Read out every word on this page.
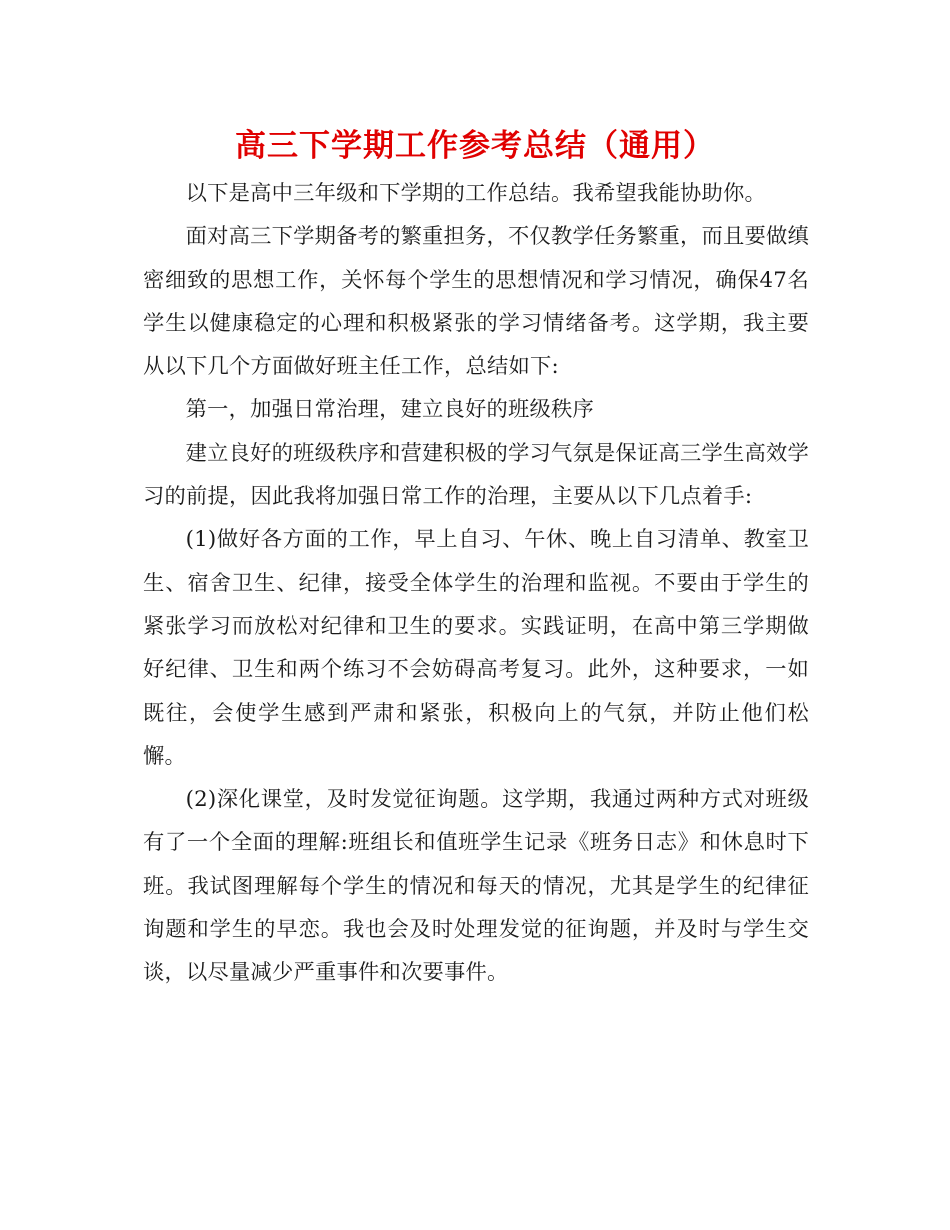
高三下学期工作参考总结（通用）

以下是高中三年级和下学期的工作总结。我希望我能协助你。

面对高三下学期备考的繁重担务，不仅教学任务繁重，而且要做缜密细致的思想工作，关怀每个学生的思想情况和学习情况，确保47名学生以健康稳定的心理和积极紧张的学习情绪备考。这学期，我主要从以下几个方面做好班主任工作，总结如下:

第一，加强日常治理，建立良好的班级秩序

建立良好的班级秩序和营建积极的学习气氛是保证高三学生高效学习的前提，因此我将加强日常工作的治理，主要从以下几点着手:

(1)做好各方面的工作，早上自习、午休、晚上自习清单、教室卫生、宿舍卫生、纪律，接受全体学生的治理和监视。不要由于学生的紧张学习而放松对纪律和卫生的要求。实践证明，在高中第三学期做好纪律、卫生和两个练习不会妨碍高考复习。此外，这种要求，一如既往，会使学生感到严肃和紧张，积极向上的气氛，并防止他们松懈。

(2)深化课堂，及时发觉征询题。这学期，我通过两种方式对班级有了一个全面的理解:班组长和值班学生记录《班务日志》和休息时下班。我试图理解每个学生的情况和每天的情况，尤其是学生的纪律征询题和学生的早恋。我也会及时处理发觉的征询题，并及时与学生交谈，以尽量减少严重事件和次要事件。
